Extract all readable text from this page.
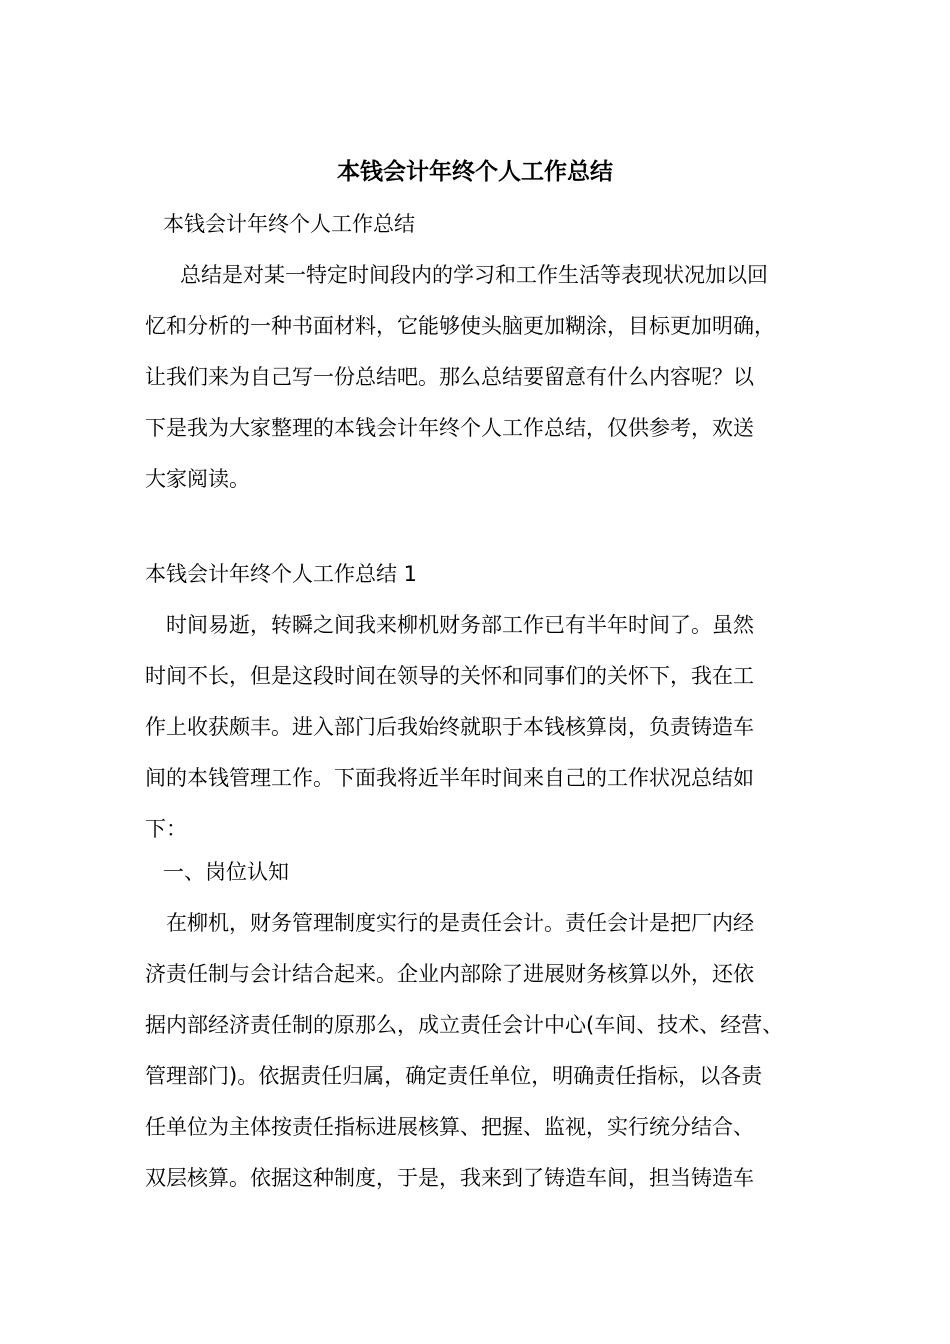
本钱会计年终个人工作总结

本钱会计年终个人工作总结

总结是对某一特定时间段内的学习和工作生活等表现状况加以回

忆和分析的一种书面材料，它能够使头脑更加糊涂，目标更加明确，

让我们来为自己写一份总结吧。那么总结要留意有什么内容呢？以

下是我为大家整理的本钱会计年终个人工作总结，仅供参考，欢送

大家阅读。

本钱会计年终个人工作总结 1

时间易逝，转瞬之间我来柳机财务部工作已有半年时间了。虽然

时间不长，但是这段时间在领导的关怀和同事们的关怀下，我在工

作上收获颇丰。进入部门后我始终就职于本钱核算岗，负责铸造车

间的本钱管理工作。下面我将近半年时间来自己的工作状况总结如

下：

一、岗位认知

在柳机，财务管理制度实行的是责任会计。责任会计是把厂内经

济责任制与会计结合起来。企业内部除了进展财务核算以外，还依

据内部经济责任制的原那么，成立责任会计中心(车间、技术、经营、

管理部门)。依据责任归属，确定责任单位，明确责任指标，以各责

任单位为主体按责任指标进展核算、把握、监视，实行统分结合、

双层核算。依据这种制度，于是，我来到了铸造车间，担当铸造车
